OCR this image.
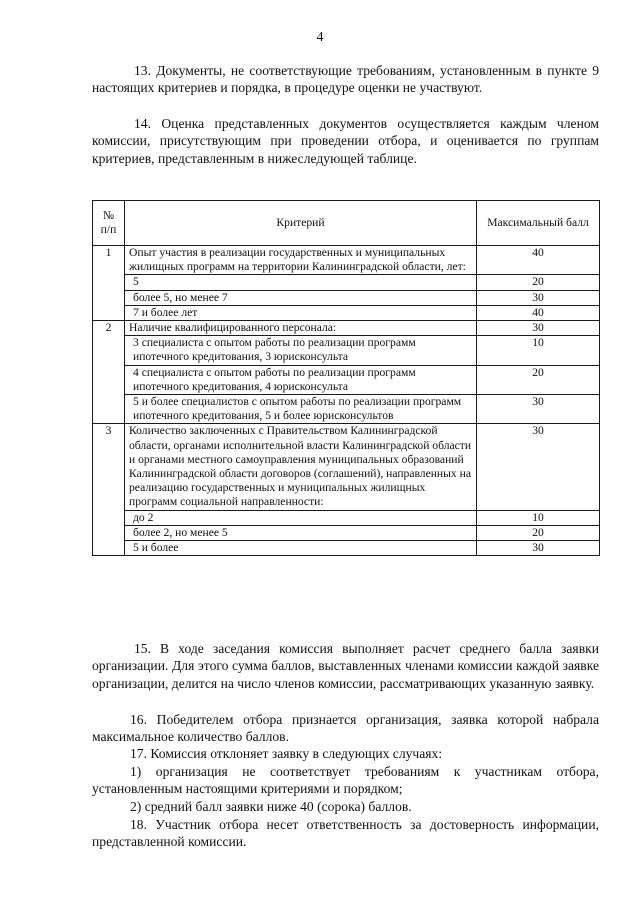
4
13. Документы, не соответствующие требованиям, установленным в пункте 9 настоящих критериев и порядка, в процедуре оценки не участвуют.
14. Оценка представленных документов осуществляется каждым членом комиссии, присутствующим при проведении отбора, и оценивается по группам критериев, представленным в нижеследующей таблице.
№ п/п	Критерий	Максимальный балл
1	Опыт участия в реализации государственных и муниципальных жилищных программ на территории Калининградской области, лет:	40
	5	20
	более 5, но менее 7	30
	7 и более лет	40
2	Наличие квалифицированного персонала:	30
	3 специалиста с опытом работы по реализации программ ипотечного кредитования, 3 юрисконсульта	10
	4 специалиста с опытом работы по реализации программ ипотечного кредитования, 4 юрисконсульта	20
	5 и более специалистов с опытом работы по реализации программ ипотечного кредитования, 5 и более юрисконсультов	30
3	Количество заключенных с Правительством Калининградской области, органами исполнительной власти Калининградской области и органами местного самоуправления муниципальных образований Калининградской области договоров (соглашений), направленных на реализацию государственных и муниципальных жилищных программ социальной направленности:	30
	до 2	10
	более 2, но менее 5	20
	5 и более	30
15. В ходе заседания комиссия выполняет расчет среднего балла заявки организации. Для этого сумма баллов, выставленных членами комиссии каждой заявке организации, делится на число членов комиссии, рассматривающих указанную заявку.
16. Победителем отбора признается организация, заявка которой набрала максимальное количество баллов.
17. Комиссия отклоняет заявку в следующих случаях:
1) организация не соответствует требованиям к участникам отбора, установленным настоящими критериями и порядком;
2) средний балл заявки ниже 40 (сорока) баллов.
18. Участник отбора несет ответственность за достоверность информации, представленной комиссии.
